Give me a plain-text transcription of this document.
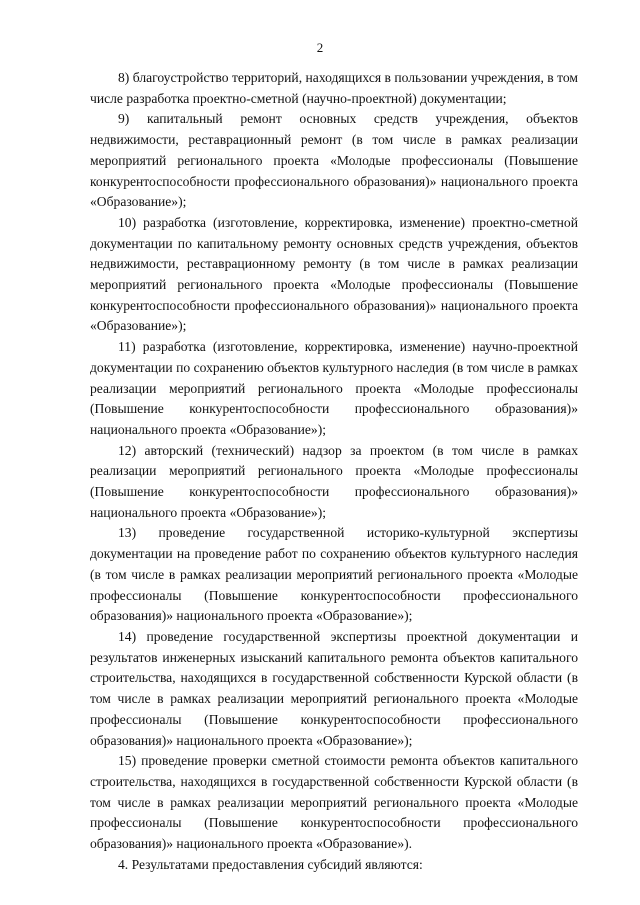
2

8) благоустройство территорий, находящихся в пользовании учреждения, в том числе разработка проектно-сметной (научно-проектной) документации;

9) капитальный ремонт основных средств учреждения, объектов недвижимости, реставрационный ремонт (в том числе в рамках реализации мероприятий регионального проекта «Молодые профессионалы (Повышение конкурентоспособности профессионального образования)» национального проекта «Образование»);

10) разработка (изготовление, корректировка, изменение) проектно-сметной документации по капитальному ремонту основных средств учреждения, объектов недвижимости, реставрационному ремонту (в том числе в рамках реализации мероприятий регионального проекта «Молодые профессионалы (Повышение конкурентоспособности профессионального образования)» национального проекта «Образование»);

11) разработка (изготовление, корректировка, изменение) научно-проектной документации по сохранению объектов культурного наследия (в том числе в рамках реализации мероприятий регионального проекта «Молодые профессионалы (Повышение конкурентоспособности профессионального образования)» национального проекта «Образование»);

12) авторский (технический) надзор за проектом (в том числе в рамках реализации мероприятий регионального проекта «Молодые профессионалы (Повышение конкурентоспособности профессионального образования)» национального проекта «Образование»);

13) проведение государственной историко-культурной экспертизы документации на проведение работ по сохранению объектов культурного наследия (в том числе в рамках реализации мероприятий регионального проекта «Молодые профессионалы (Повышение конкурентоспособности профессионального образования)» национального проекта «Образование»);

14) проведение государственной экспертизы проектной документации и результатов инженерных изысканий капитального ремонта объектов капитального строительства, находящихся в государственной собственности Курской области (в том числе в рамках реализации мероприятий регионального проекта «Молодые профессионалы (Повышение конкурентоспособности профессионального образования)» национального проекта «Образование»);

15) проведение проверки сметной стоимости ремонта объектов капитального строительства, находящихся в государственной собственности Курской области (в том числе в рамках реализации мероприятий регионального проекта «Молодые профессионалы (Повышение конкурентоспособности профессионального образования)» национального проекта «Образование»).

4. Результатами предоставления субсидий являются:
